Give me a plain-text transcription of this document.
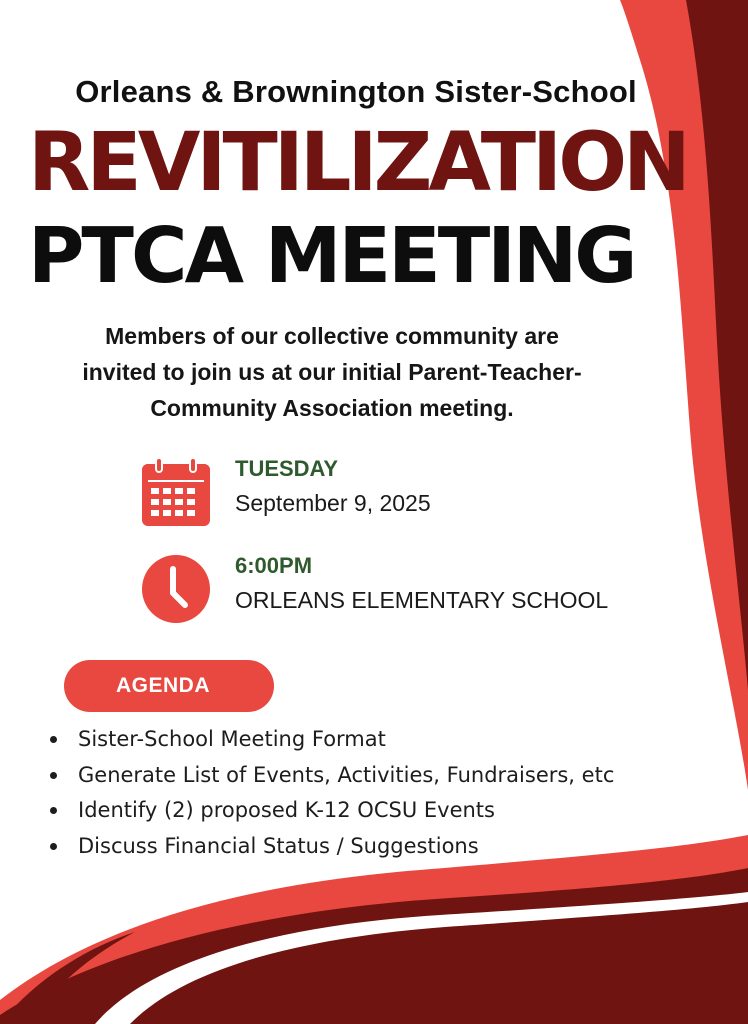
Orleans & Brownington Sister-School
REVITILIZATION
PTCA MEETING
Members of our collective community are
invited to join us at our initial Parent-Teacher-
Community Association meeting.
TUESDAY
September 9, 2025
6:00PM
ORLEANS ELEMENTARY SCHOOL
AGENDA
Sister-School Meeting Format
Generate List of Events, Activities, Fundraisers, etc
Identify (2) proposed K-12 OCSU Events
Discuss Financial Status / Suggestions
